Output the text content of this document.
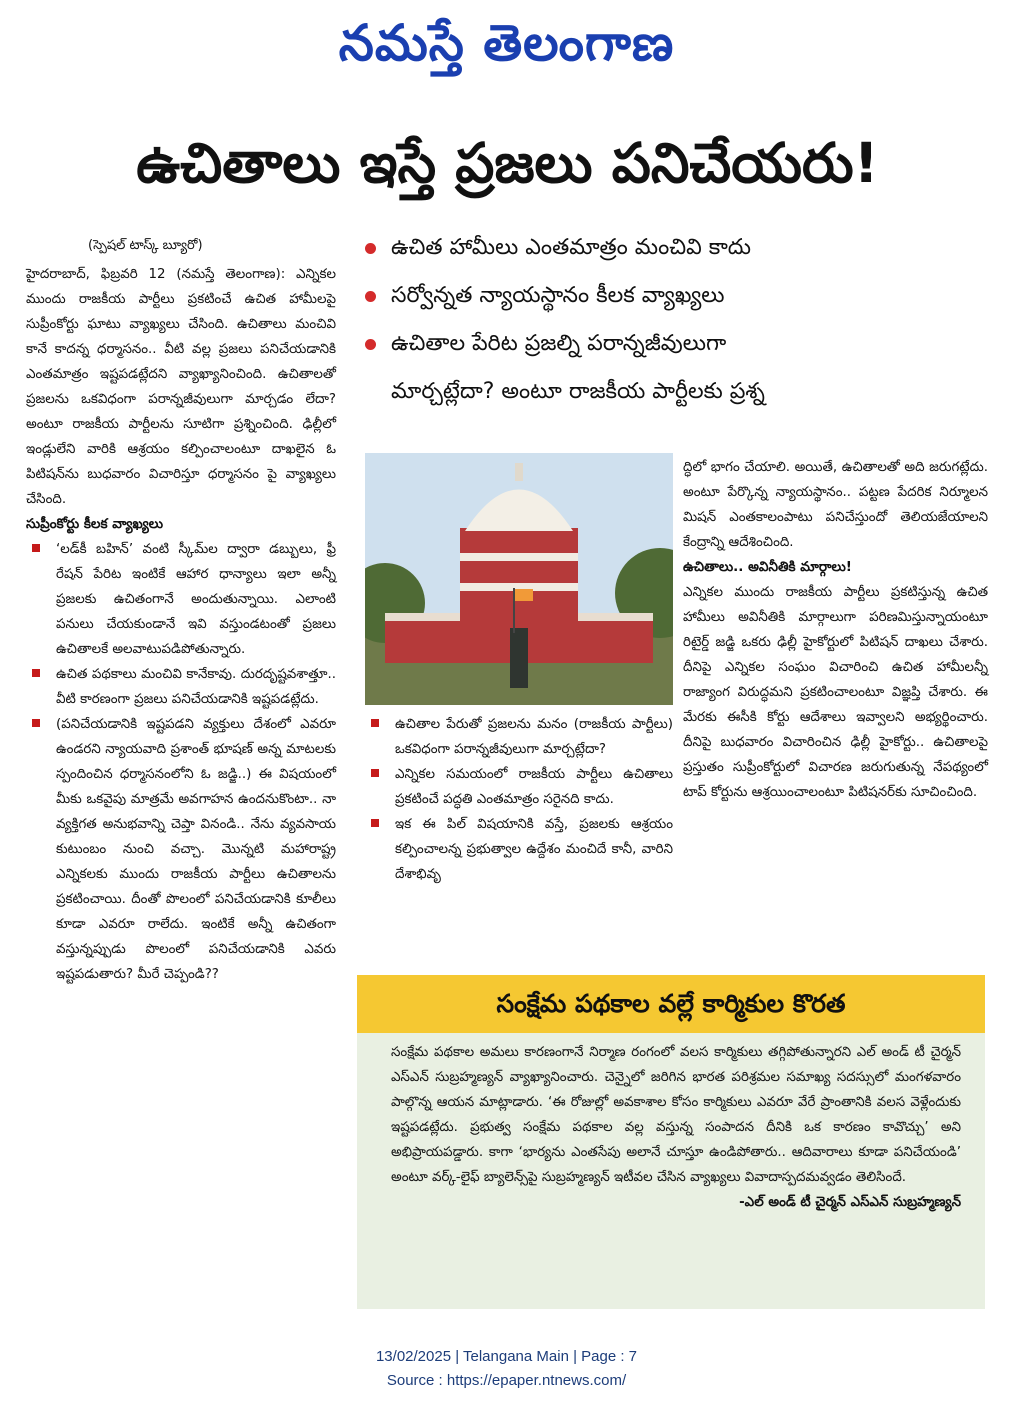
నమస్తే తెలంగాణ
ఉచితాలు ఇస్తే ప్రజలు పనిచేయరు!
(స్పెషల్ టాస్క్ బ్యూరో)

హైదరాబాద్, ఫిబ్రవరి 12 (నమస్తే తెలంగాణ): ఎన్నికల ముందు రాజకీయ పార్టీలు ప్రకటించే ఉచిత హామీలపై సుప్రీంకోర్టు ఘాటు వ్యాఖ్యలు చేసింది. ఉచితాలు మంచివి కానే కాదన్న ధర్మాసనం.. వీటి వల్ల ప్రజలు పనిచేయడానికి ఎంతమాత్రం ఇష్టపడట్లేదని వ్యాఖ్యానించింది. ఉచితాలతో ప్రజలను ఒకవిధంగా పరాన్నజీవులుగా మార్చడం లేదా? అంటూ రాజకీయ పార్టీలను సూటిగా ప్రశ్నించింది. ఢిల్లీలో ఇండ్లులేని వారికి ఆశ్రయం కల్పించాలంటూ దాఖలైన ఓ పిటిషన్‌ను బుధవారం విచారిస్తూ ధర్మాసనం పై వ్యాఖ్యలు చేసింది.

సుప్రీంకోర్టు కీలక వ్యాఖ్యలు

‘లడ్‌కీ బహిన్’ వంటి స్కీమ్‌ల ద్వారా డబ్బులు, ఫ్రీ రేషన్ పేరిట ఇంటికే ఆహార ధాన్యాలు ఇలా అన్నీ ప్రజలకు ఉచితంగానే అందుతున్నాయి. ఎలాంటి పనులు చేయకుండానే ఇవి వస్తుండటంతో ప్రజలు ఉచితాలకే అలవాటుపడిపోతున్నారు.

ఉచిత పథకాలు మంచివి కానేకావు. దురదృష్టవశాత్తూ.. వీటి కారణంగా ప్రజలు పనిచేయడానికి ఇష్టపడట్లేదు.

(పనిచేయడానికి ఇష్టపడని వ్యక్తులు దేశంలో ఎవరూ ఉండరని న్యాయవాది ప్రశాంత్ భూషణ్ అన్న మాటలకు స్పందించిన ధర్మాసనంలోని ఓ జడ్జి..) ఈ విషయంలో మీకు ఒకవైపు మాత్రమే అవగాహన ఉందనుకొంటా.. నా వ్యక్తిగత అనుభవాన్ని చెప్తా వినండి.. నేను వ్యవసాయ కుటుంబం నుంచి వచ్చా. మొన్నటి మహారాష్ట్ర ఎన్నికలకు ముందు రాజకీయ పార్టీలు ఉచితాలను ప్రకటించాయి. దీంతో పొలంలో పనిచేయడానికి కూలీలు కూడా ఎవరూ రాలేదు. ఇంటికే అన్నీ ఉచితంగా వస్తున్నప్పుడు పొలంలో పనిచేయడానికి ఎవరు ఇష్టపడుతారు? మీరే చెప్పండి??

ఉచిత హామీలు ఎంతమాత్రం మంచివి కాదు

సర్వోన్నత న్యాయస్థానం కీలక వ్యాఖ్యలు

ఉచితాల పేరిట ప్రజల్ని పరాన్నజీవులుగా

మార్చట్లేదా? అంటూ రాజకీయ పార్టీలకు ప్రశ్న

ఉచితాల పేరుతో ప్రజలను మనం (రాజకీయ పార్టీలు) ఒకవిధంగా పరాన్నజీవులుగా మార్చట్లేదా?

ఎన్నికల సమయంలో రాజకీయ పార్టీలు ఉచితాలు ప్రకటించే పద్ధతి ఎంతమాత్రం సరైనది కాదు.

ఇక ఈ పిల్ విషయానికి వస్తే, ప్రజలకు ఆశ్రయం కల్పించాలన్న ప్రభుత్వాల ఉద్దేశం మంచిదే కానీ, వారిని దేశాభివృ

ద్ధిలో భాగం చేయాలి. అయితే, ఉచితాలతో అది జరుగట్లేదు. అంటూ పేర్కొన్న న్యాయస్థానం.. పట్టణ పేదరిక నిర్మూలన మిషన్ ఎంతకాలంపాటు పనిచేస్తుందో తెలియజేయాలని కేంద్రాన్ని ఆదేశించింది.

ఉచితాలు.. అవినీతికి మార్గాలు!

ఎన్నికల ముందు రాజకీయ పార్టీలు ప్రకటిస్తున్న ఉచిత హామీలు అవినీతికి మార్గాలుగా పరిణమిస్తున్నాయంటూ రిటైర్డ్ జడ్జి ఒకరు ఢిల్లీ హైకోర్టులో పిటిషన్ దాఖలు చేశారు. దీనిపై ఎన్నికల సంఘం విచారించి ఉచిత హామీలన్నీ రాజ్యాంగ విరుద్ధమని ప్రకటించాలంటూ విజ్ఞప్తి చేశారు. ఈ మేరకు ఈసీకి కోర్టు ఆదేశాలు ఇవ్వాలని అభ్యర్థించారు. దీనిపై బుధవారం విచారించిన ఢిల్లీ హైకోర్టు.. ఉచితాలపై ప్రస్తుతం సుప్రీంకోర్టులో విచారణ జరుగుతున్న నేపథ్యంలో టాప్ కోర్టును ఆశ్రయించాలంటూ పిటిషనర్‌కు సూచించింది.

సంక్షేమ పథకాల వల్లే కార్మికుల కొరత

సంక్షేమ పథకాల అమలు కారణంగానే నిర్మాణ రంగంలో వలస కార్మికులు తగ్గిపోతున్నారని ఎల్ అండ్ టీ చైర్మన్ ఎస్ఎన్ సుబ్రహ్మణ్యన్ వ్యాఖ్యానించారు. చెన్నైలో జరిగిన భారత పరిశ్రమల సమాఖ్య సదస్సులో మంగళవారం పాల్గొన్న ఆయన మాట్లాడారు. ‘ఈ రోజుల్లో అవకాశాల కోసం కార్మికులు ఎవరూ వేరే ప్రాంతానికి వలస వెళ్లేందుకు ఇష్టపడట్లేదు. ప్రభుత్వ సంక్షేమ పథకాల వల్ల వస్తున్న సంపాదన దీనికి ఒక కారణం కావొచ్చు’ అని అభిప్రాయపడ్డారు. కాగా ‘భార్యను ఎంతసేపు అలానే చూస్తూ ఉండిపోతారు.. ఆదివారాలు కూడా పనిచేయండి’ అంటూ వర్క్-లైఫ్ బ్యాలెన్స్‌పై సుబ్రహ్మణ్యన్ ఇటీవల చేసిన వ్యాఖ్యలు వివాదాస్పదమవ్వడం తెలిసిందే.

-ఎల్ అండ్ టీ చైర్మన్ ఎస్ఎన్ సుబ్రహ్మణ్యన్

13/02/2025 | Telangana Main | Page : 7
Source : https://epaper.ntnews.com/
